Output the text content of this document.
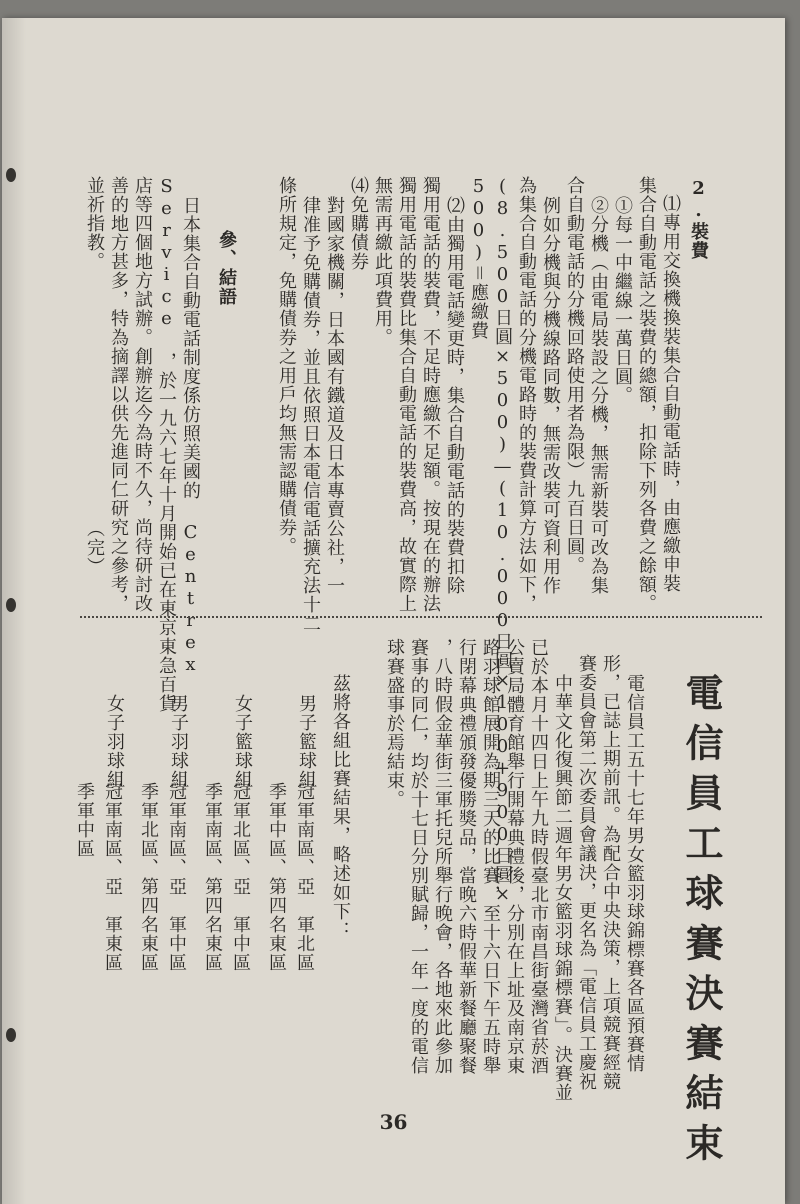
2.裝費
⑴專用交換機換裝集合自動電話時，由應繳申裝
集合自動電話之裝費的總額，扣除下列各費之餘額。
①每一中繼線一萬日圓。
②分機（由電局裝設之分機，無需新裝可改為集
合自動電話的分機回路使用者為限）九百日圓。
例如分機與分機線路同數，無需改裝可資利用作
為集合自動電話的分機電路時的裝費計算方法如下，
(8.500日圓×500)—(10.000日圓×100+900日圓×
500)＝應繳費
⑵由獨用電話變更時，集合自動電話的裝費扣除
獨用電話的裝費，不足時應繳不足額。按現在的辦法
獨用電話的裝費比集合自動電話的裝費高，故實際上
無需再繳此項費用。
⑷免購債券
對國家機關，日本國有鐵道及日本專賣公社，一
律准予免購債券，並且依照日本電信電話擴充法十二
條所規定，免購債券之用戶均無需認購債券。
參、結語
日本集合自動電話制度係仿照美國的 Centrex
Service ，於一九六七年十月開始已在東京東急百貨
店等四個地方試辦。創辦迄今為時不久，尚待研討改
善的地方甚多，特為摘譯以供先進同仁研究之參考，
並祈指教。　　　　　　　　　　　　　　（完）
電信員工球賽決賽結束
電信員工五十七年男女籃羽球錦標賽各區預賽情
形，已誌上期前訊。為配合中央決策，上項競賽經競
賽委員會第二次委員會議決，更名為「電信員工慶祝
中華文化復興節二週年男女籃羽球錦標賽」。決賽並
已於本月十四日上午九時假臺北市南昌街臺灣省菸酒
公賣局體育館舉行開幕典禮後，分別在上址及南京東
路羽球館展開為期三天的比賽，至十六日下午五時舉
行閉幕典禮頒發優勝獎品，當晚六時假華新餐廳聚餐
，八時假金華街三軍托兒所舉行晚會，各地來此參加
賽事的同仁，均於十七日分別賦歸，一年一度的電信
球賽盛事於焉結束。
茲將各組比賽結果，略述如下：
男子籃球組
冠軍南區、亞　軍北區
季軍中區、第四名東區
女子籃球組
冠軍北區、亞　軍中區
季軍南區、第四名東區
男子羽球組
冠軍南區、亞　軍中區
季軍北區、第四名東區
女子羽球組
冠軍南區、亞　軍東區
季軍中區
36
